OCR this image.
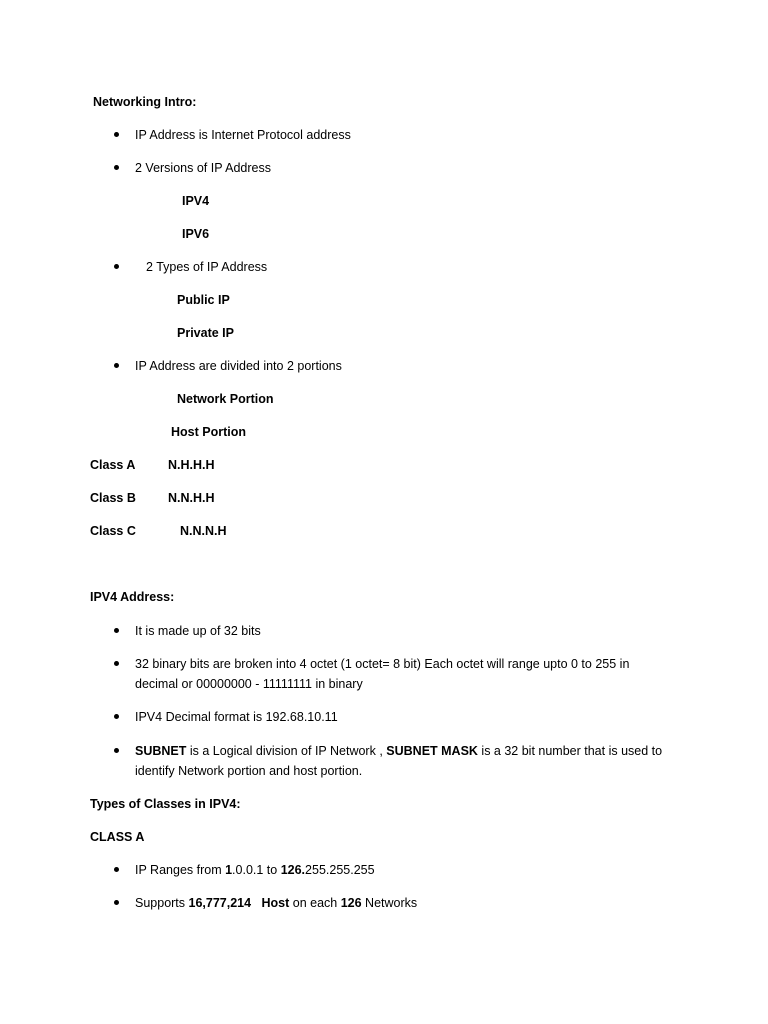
Networking Intro:

IP Address is Internet Protocol address

2 Versions of IP Address

IPV4

IPV6

2 Types of IP Address

Public IP

Private IP

IP Address are divided into 2 portions

Network Portion

Host Portion

Class A	N.H.H.H

Class B	N.N.H.H

Class C	N.N.N.H

IPV4 Address:

It is made up of 32 bits

32 binary bits are broken into 4 octet (1 octet= 8 bit) Each octet will range upto 0 to 255 in decimal or 00000000 - 11111111 in binary

IPV4 Decimal format is 192.68.10.11

SUBNET is a Logical division of IP Network , SUBNET MASK is a 32 bit number that is used to identify Network portion and host portion.

Types of Classes in IPV4:

CLASS A

IP Ranges from 1.0.0.1 to 126.255.255.255

Supports 16,777,214 Host on each 126 Networks
